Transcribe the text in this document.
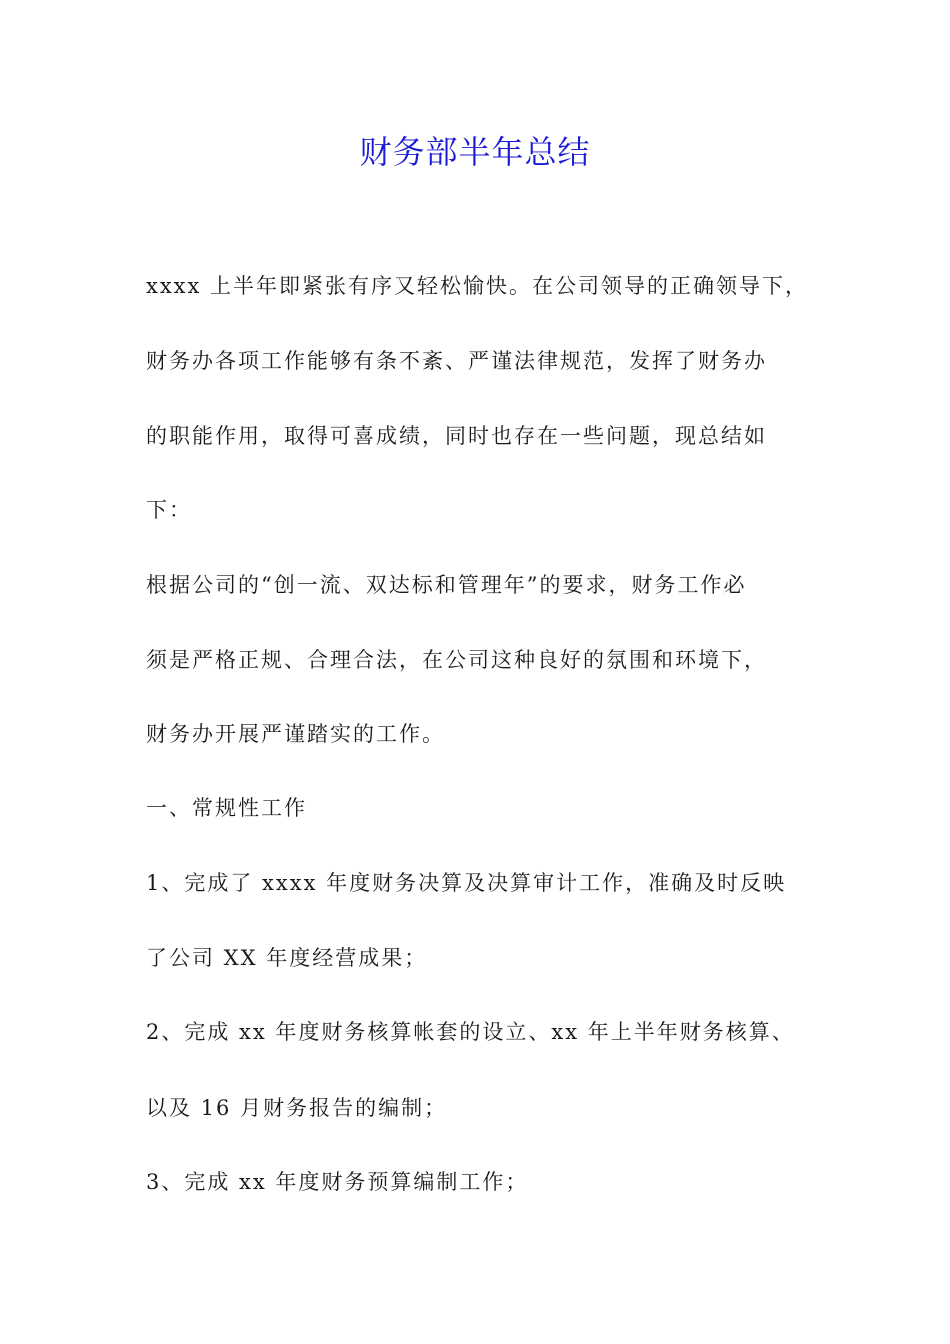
财务部半年总结
xxxx 上半年即紧张有序又轻松愉快。在公司领导的正确领导下，
财务办各项工作能够有条不紊、严谨法律规范，发挥了财务办
的职能作用，取得可喜成绩，同时也存在一些问题，现总结如
下：
根据公司的“创一流、双达标和管理年”的要求，财务工作必
须是严格正规、合理合法，在公司这种良好的氛围和环境下，
财务办开展严谨踏实的工作。
一、常规性工作
1、完成了 xxxx 年度财务决算及决算审计工作，准确及时反映
了公司 XX 年度经营成果；
2、完成 xx 年度财务核算帐套的设立、xx 年上半年财务核算、
以及 16 月财务报告的编制；
3、完成 xx 年度财务预算编制工作；
